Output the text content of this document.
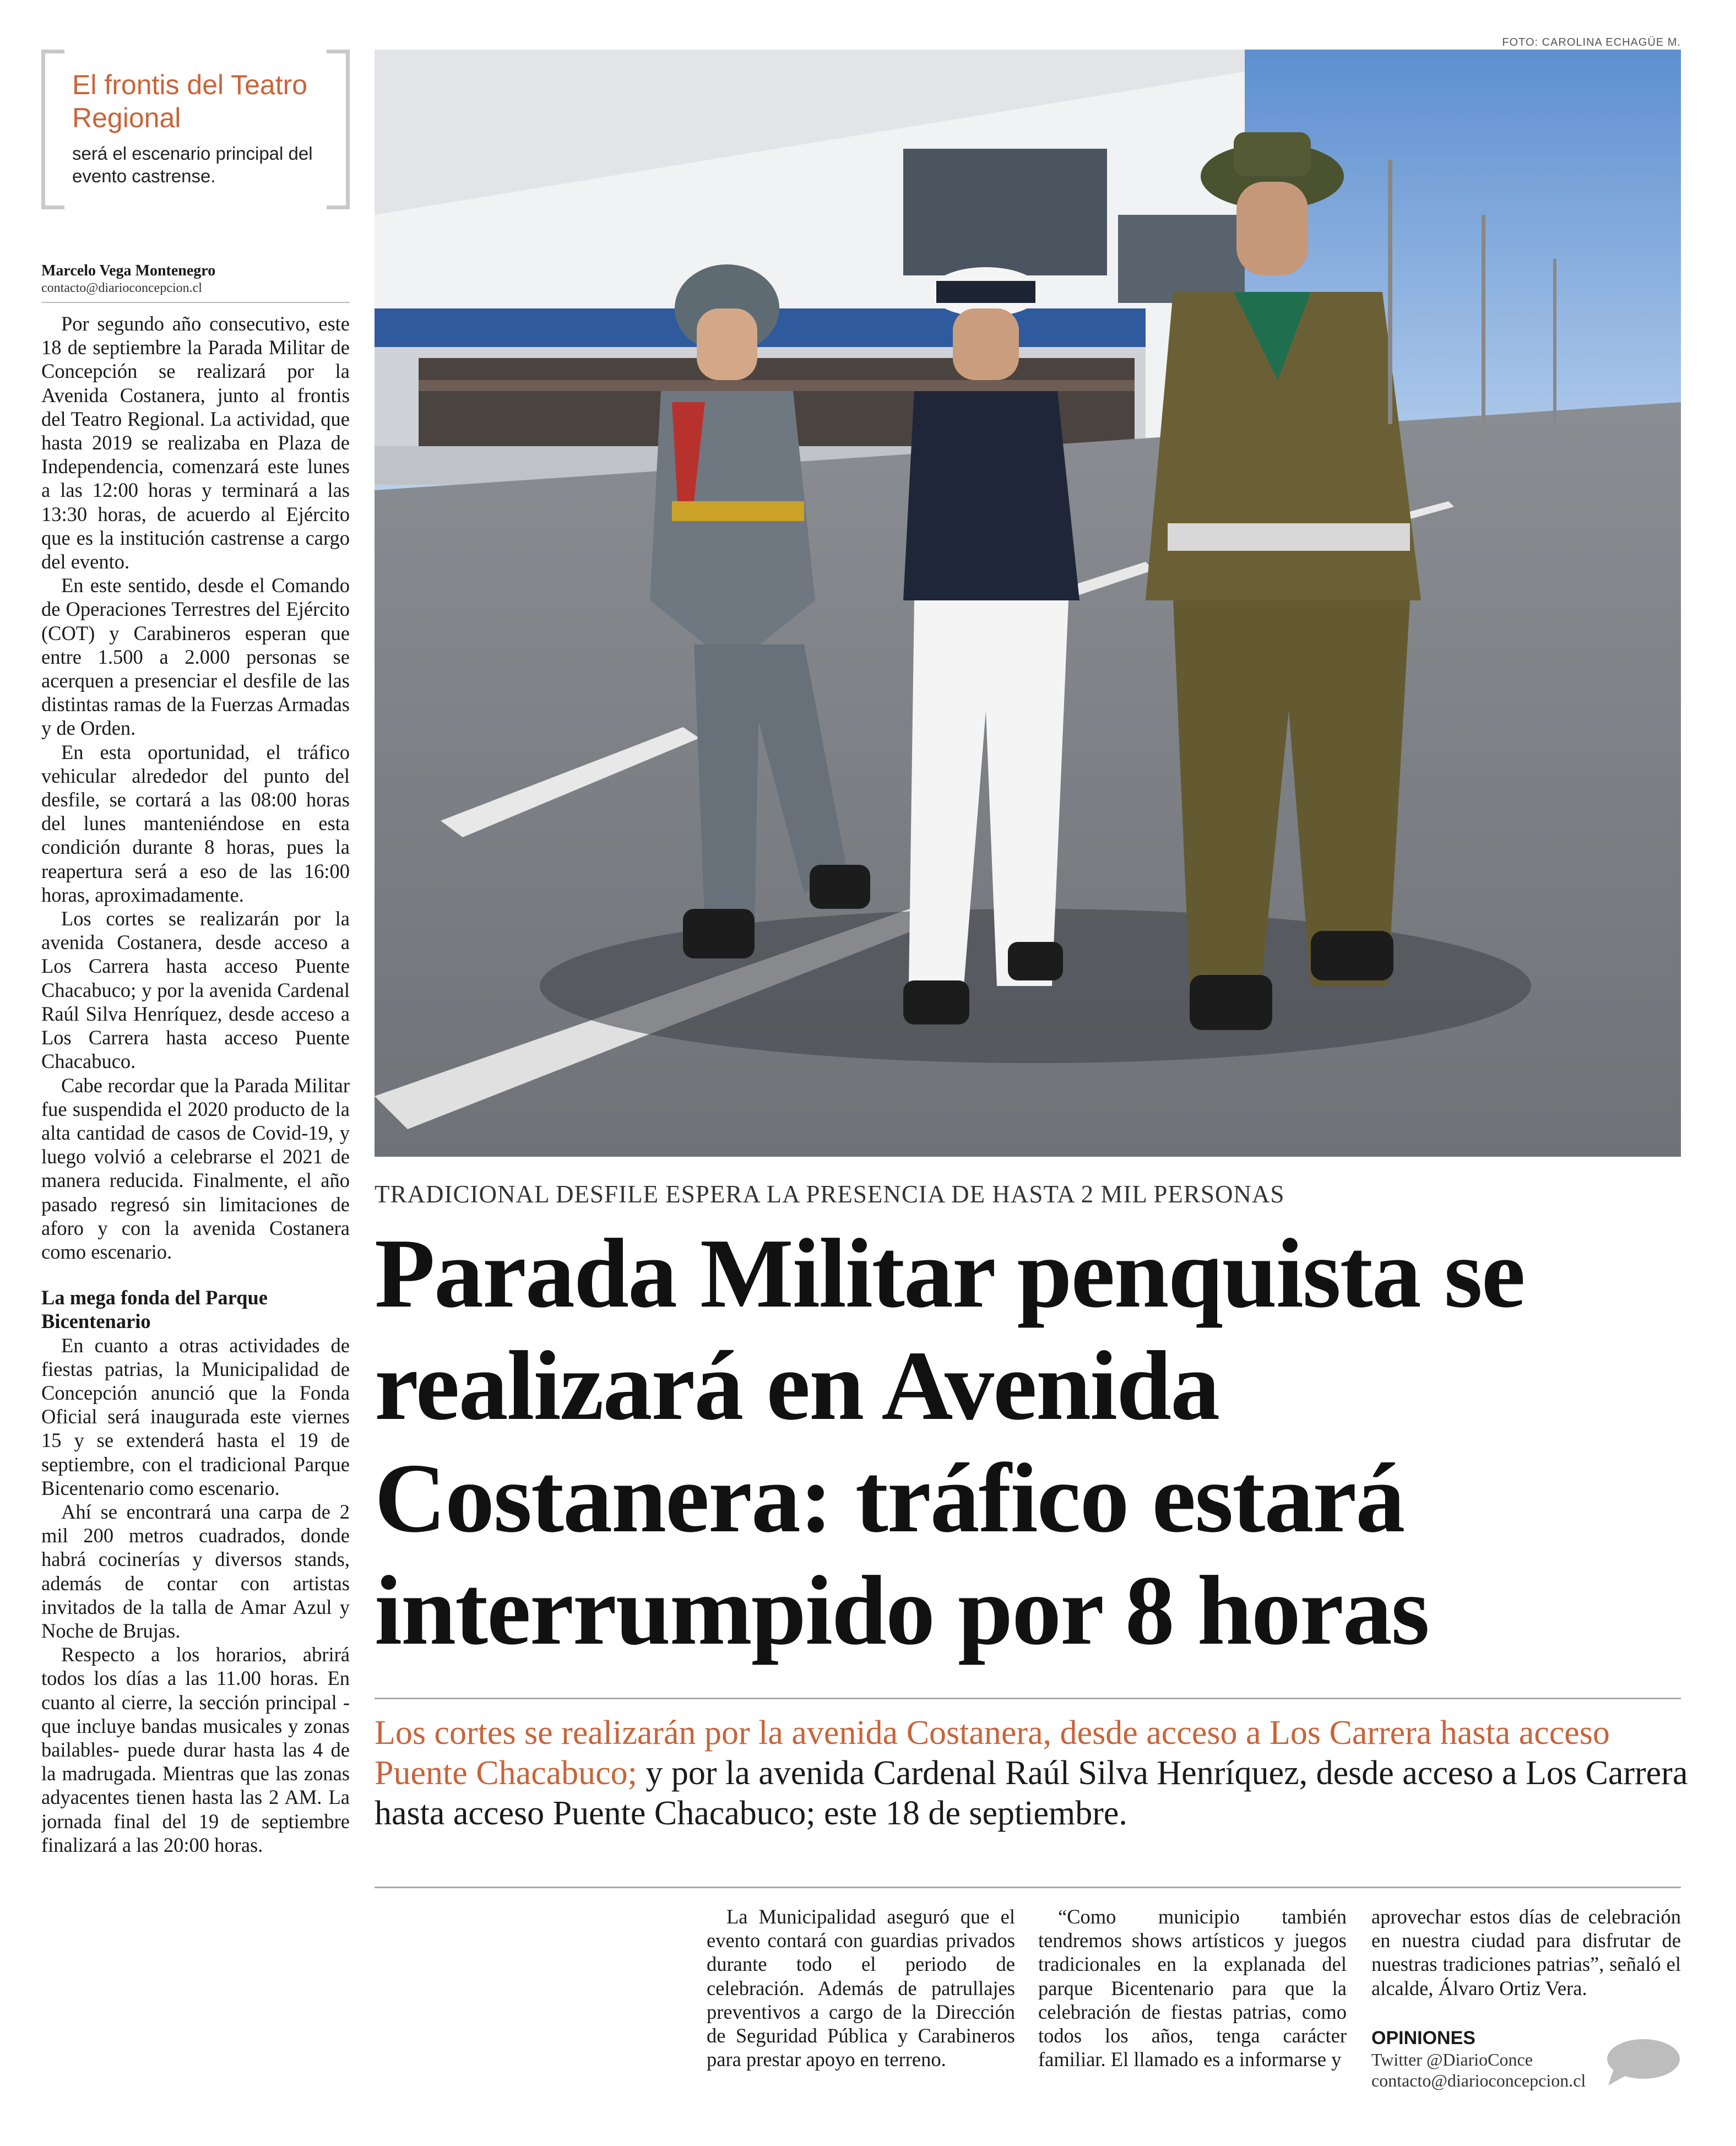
FOTO: CAROLINA ECHAGÜE M.
El frontis del Teatro Regional
será el escenario principal del evento castrense.
Marcelo Vega Montenegro
contacto@diarioconcepcion.cl

Por segundo año consecutivo, este 18 de septiembre la Parada Militar de Concepción se realizará por la Avenida Costanera, junto al frontis del Teatro Regional. La actividad, que hasta 2019 se realizaba en Plaza de Independencia, comenzará este lunes a las 12:00 horas y terminará a las 13:30 horas, de acuerdo al Ejército que es la institución castrense a cargo del evento.

En este sentido, desde el Comando de Operaciones Terrestres del Ejército (COT) y Carabineros esperan que entre 1.500 a 2.000 personas se acerquen a presenciar el desfile de las distintas ramas de la Fuerzas Armadas y de Orden.

En esta oportunidad, el tráfico vehicular alrededor del punto del desfile, se cortará a las 08:00 horas del lunes manteniéndose en esta condición durante 8 horas, pues la reapertura será a eso de las 16:00 horas, aproximadamente.

Los cortes se realizarán por la avenida Costanera, desde acceso a Los Carrera hasta acceso Puente Chacabuco; y por la avenida Cardenal Raúl Silva Henríquez, desde acceso a Los Carrera hasta acceso Puente Chacabuco.

Cabe recordar que la Parada Militar fue suspendida el 2020 producto de la alta cantidad de casos de Covid-19, y luego volvió a celebrarse el 2021 de manera reducida. Finalmente, el año pasado regresó sin limitaciones de aforo y con la avenida Costanera como escenario.

La mega fonda del Parque Bicentenario

En cuanto a otras actividades de fiestas patrias, la Municipalidad de Concepción anunció que la Fonda Oficial será inaugurada este viernes 15 y se extenderá hasta el 19 de septiembre, con el tradicional Parque Bicentenario como escenario.

Ahí se encontrará una carpa de 2 mil 200 metros cuadrados, donde habrá cocinerías y diversos stands, además de contar con artistas invitados de la talla de Amar Azul y Noche de Brujas.

Respecto a los horarios, abrirá todos los días a las 11.00 horas. En cuanto al cierre, la sección principal -que incluye bandas musicales y zonas bailables- puede durar hasta las 4 de la madrugada. Mientras que las zonas adyacentes tienen hasta las 2 AM. La jornada final del 19 de septiembre finalizará a las 20:00 horas.

TRADICIONAL DESFILE ESPERA LA PRESENCIA DE HASTA 2 MIL PERSONAS
Parada Militar penquista se realizará en Avenida Costanera: tráfico estará interrumpido por 8 horas
Los cortes se realizarán por la avenida Costanera, desde acceso a Los Carrera hasta acceso Puente Chacabuco; y por la avenida Cardenal Raúl Silva Henríquez, desde acceso a Los Carrera hasta acceso Puente Chacabuco; este 18 de septiembre.

La Municipalidad aseguró que el evento contará con guardias privados durante todo el periodo de celebración. Además de patrullajes preventivos a cargo de la Dirección de Seguridad Pública y Carabineros para prestar apoyo en terreno.

“Como municipio también tendremos shows artísticos y juegos tradicionales en la explanada del parque Bicentenario para que la celebración de fiestas patrias, como todos los años, tenga carácter familiar. El llamado es a informarse y

aprovechar estos días de celebración en nuestra ciudad para disfrutar de nuestras tradiciones patrias”, señaló el alcalde, Álvaro Ortiz Vera.

OPINIONES
Twitter @DiarioConce
contacto@diarioconcepcion.cl
